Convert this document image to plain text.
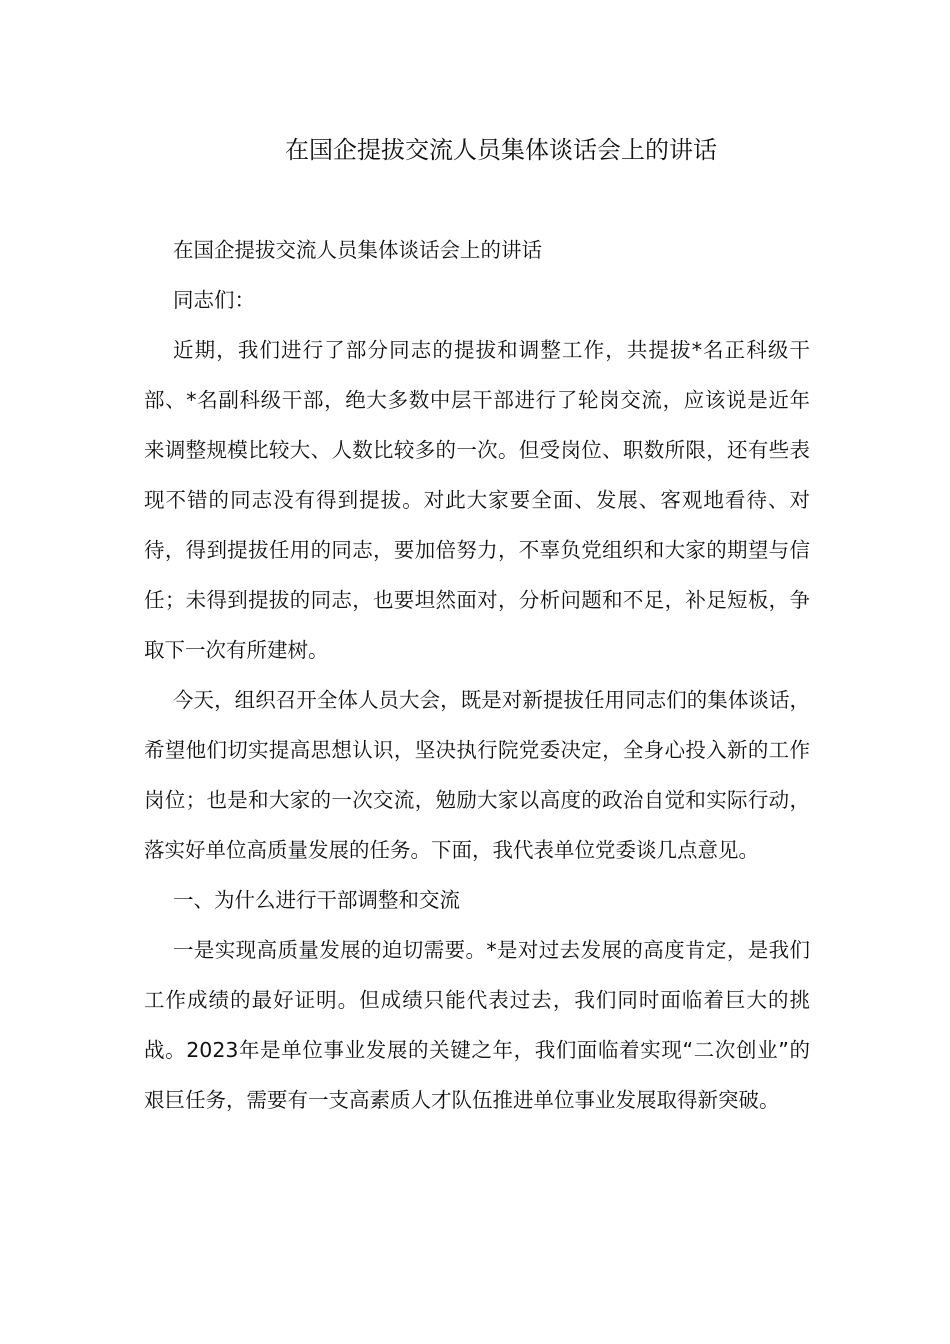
在国企提拔交流人员集体谈话会上的讲话

在国企提拔交流人员集体谈话会上的讲话

同志们：

近期，我们进行了部分同志的提拔和调整工作，共提拔*名正科级干部、*名副科级干部，绝大多数中层干部进行了轮岗交流，应该说是近年来调整规模比较大、人数比较多的一次。但受岗位、职数所限，还有些表现不错的同志没有得到提拔。对此大家要全面、发展、客观地看待、对待，得到提拔任用的同志，要加倍努力，不辜负党组织和大家的期望与信任；未得到提拔的同志，也要坦然面对，分析问题和不足，补足短板，争取下一次有所建树。

今天，组织召开全体人员大会，既是对新提拔任用同志们的集体谈话，希望他们切实提高思想认识，坚决执行院党委决定，全身心投入新的工作岗位；也是和大家的一次交流，勉励大家以高度的政治自觉和实际行动，落实好单位高质量发展的任务。下面，我代表单位党委谈几点意见。

一、为什么进行干部调整和交流

一是实现高质量发展的迫切需要。*是对过去发展的高度肯定，是我们工作成绩的最好证明。但成绩只能代表过去，我们同时面临着巨大的挑战。2023年是单位事业发展的关键之年，我们面临着实现“二次创业”的艰巨任务，需要有一支高素质人才队伍推进单位事业发展取得新突破。
